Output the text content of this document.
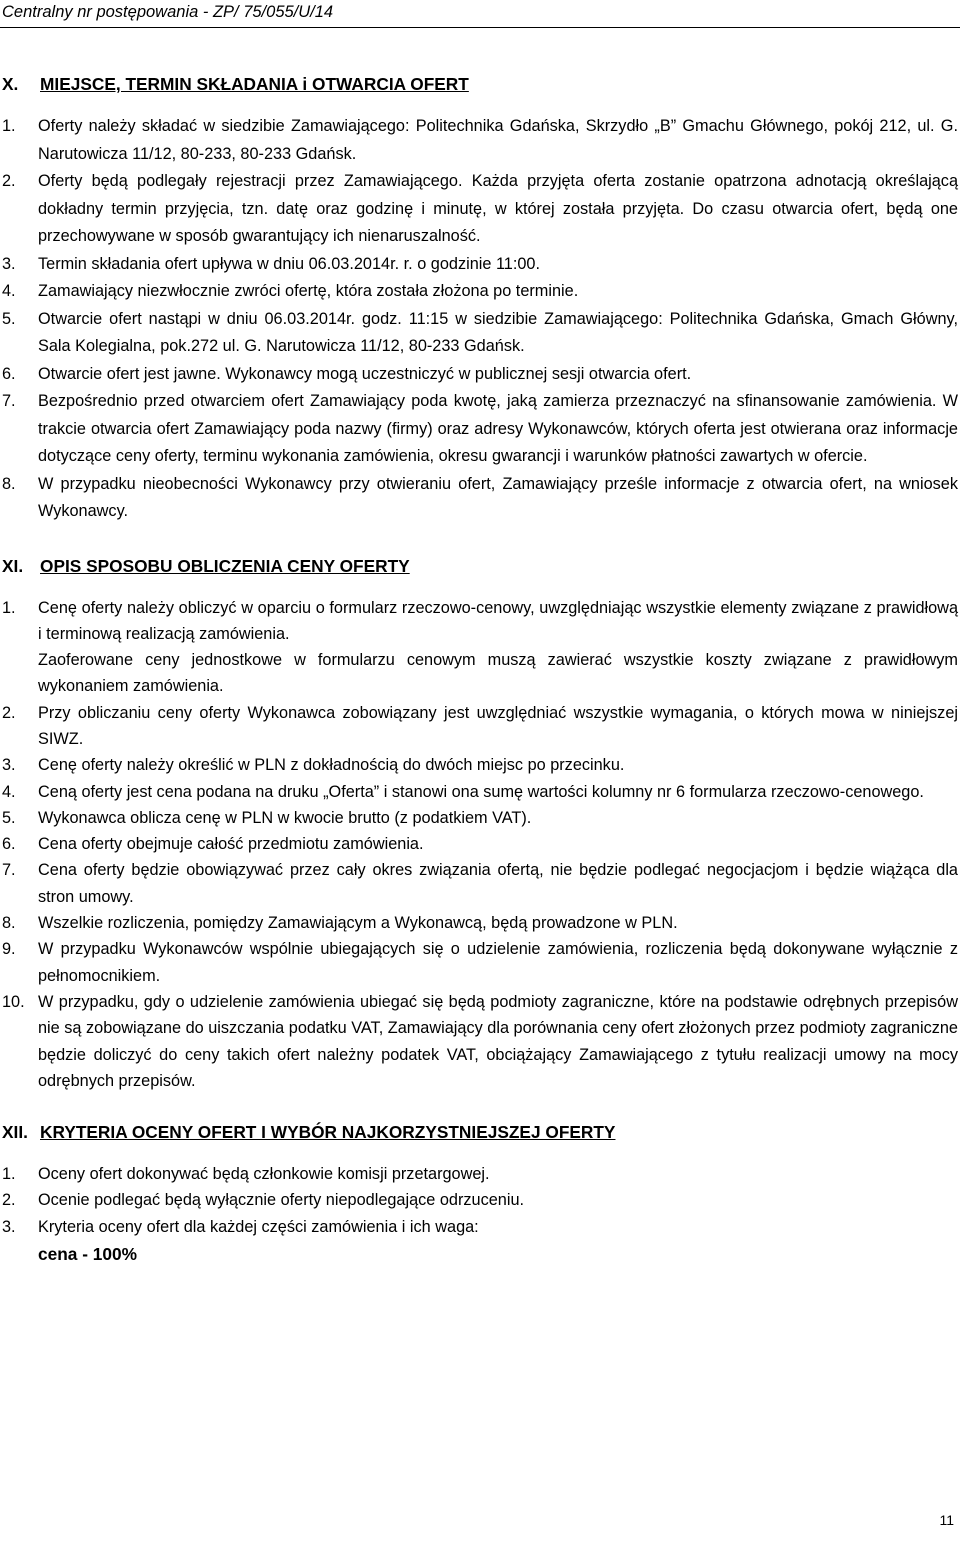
Centralny nr postępowania - ZP/ 75/055/U/14
X.	MIEJSCE, TERMIN SKŁADANIA i OTWARCIA OFERT
1.	Oferty należy składać w siedzibie Zamawiającego: Politechnika Gdańska, Skrzydło „B” Gmachu Głównego, pokój 212, ul. G. Narutowicza 11/12, 80-233, 80-233 Gdańsk.

2.	Oferty będą podlegały rejestracji przez Zamawiającego. Każda przyjęta oferta zostanie opatrzona adnotacją określającą dokładny termin przyjęcia, tzn. datę oraz godzinę i minutę, w której została przyjęta. Do czasu otwarcia ofert, będą one przechowywane w sposób gwarantujący ich nienaruszalność.

3.	Termin składania ofert upływa w dniu 06.03.2014r. r. o godzinie 11:00.

4.	Zamawiający niezwłocznie zwróci ofertę, która została złożona po terminie.

5.	Otwarcie ofert nastąpi w dniu 06.03.2014r. godz. 11:15 w siedzibie Zamawiającego: Politechnika Gdańska, Gmach Główny, Sala Kolegialna, pok.272 ul. G. Narutowicza 11/12, 80-233 Gdańsk.

6.	Otwarcie ofert jest jawne. Wykonawcy mogą uczestniczyć w publicznej sesji otwarcia ofert.

7.	Bezpośrednio przed otwarciem ofert Zamawiający poda kwotę, jaką zamierza przeznaczyć na sfinansowanie zamówienia. W trakcie otwarcia ofert Zamawiający poda nazwy (firmy) oraz adresy Wykonawców, których oferta jest otwierana oraz informacje dotyczące ceny oferty, terminu wykonania zamówienia, okresu gwarancji i warunków płatności zawartych w ofercie.

8.	W przypadku nieobecności Wykonawcy przy otwieraniu ofert, Zamawiający prześle informacje z otwarcia ofert, na wniosek Wykonawcy.

XI. OPIS SPOSOBU OBLICZENIA CENY OFERTY
1.	Cenę oferty należy obliczyć w oparciu o formularz rzeczowo-cenowy, uwzględniając wszystkie elementy związane z prawidłową i terminową realizacją zamówienia.

Zaoferowane ceny jednostkowe w formularzu cenowym muszą zawierać wszystkie koszty związane z prawidłowym wykonaniem zamówienia.

2.	Przy obliczaniu ceny oferty Wykonawca zobowiązany jest uwzględniać wszystkie wymagania, o których mowa w niniejszej SIWZ.

3.	Cenę oferty należy określić w PLN z dokładnością do dwóch miejsc po przecinku.

4.	Ceną oferty jest cena podana na druku „Oferta” i stanowi ona sumę wartości kolumny nr 6 formularza rzeczowo-cenowego.

5.	Wykonawca oblicza cenę w PLN w kwocie brutto (z podatkiem VAT).

6.	Cena oferty obejmuje całość przedmiotu zamówienia.

7.	Cena oferty będzie obowiązywać przez cały okres związania ofertą, nie będzie podlegać negocjacjom i będzie wiążąca dla stron umowy.

8.	Wszelkie rozliczenia, pomiędzy Zamawiającym a Wykonawcą, będą prowadzone w PLN.

9.	W przypadku Wykonawców wspólnie ubiegających się o udzielenie zamówienia, rozliczenia będą dokonywane wyłącznie z pełnomocnikiem.

10. W przypadku, gdy o udzielenie zamówienia ubiegać się będą podmioty zagraniczne, które na podstawie odrębnych przepisów nie są zobowiązane do uiszczania podatku VAT, Zamawiający dla porównania ceny ofert złożonych przez podmioty zagraniczne będzie doliczyć do ceny takich ofert należny podatek VAT, obciążający Zamawiającego z tytułu realizacji umowy na mocy odrębnych przepisów.

XII. KRYTERIA OCENY OFERT I WYBÓR NAJKORZYSTNIEJSZEJ OFERTY
1.	Oceny ofert dokonywać będą członkowie komisji przetargowej.

2.	Ocenie podlegać będą wyłącznie oferty niepodlegające odrzuceniu.

3.	Kryteria oceny ofert dla każdej części zamówienia i ich waga:

cena - 100%
11
